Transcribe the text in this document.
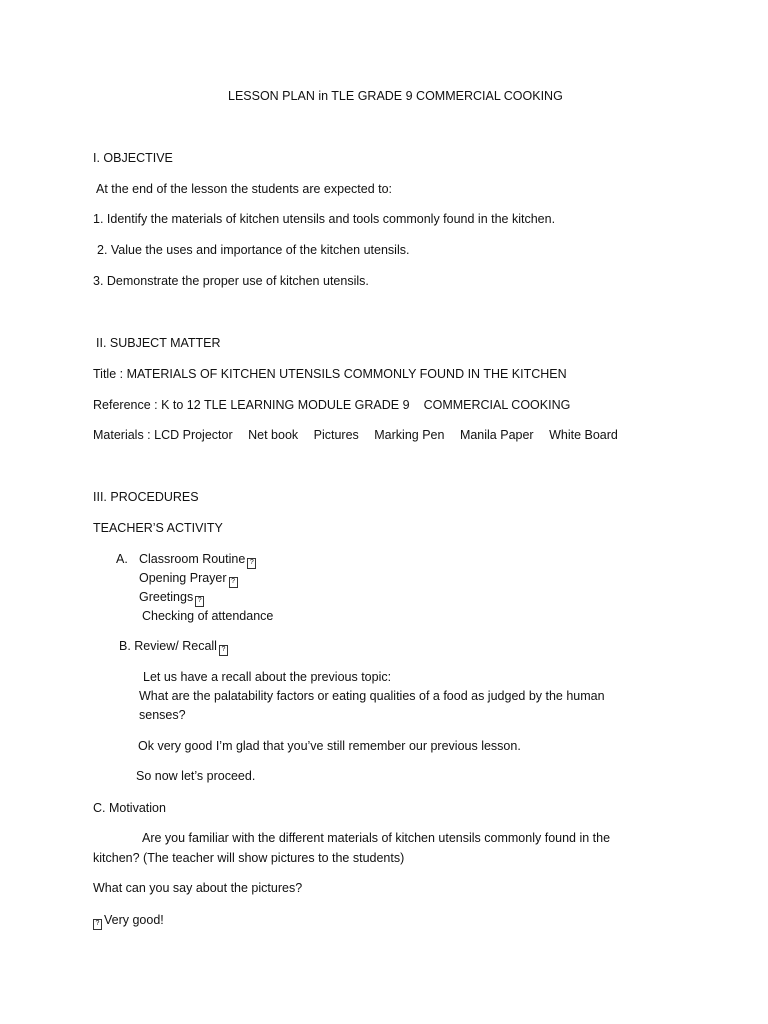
LESSON PLAN in TLE GRADE 9 COMMERCIAL COOKING
I. OBJECTIVE
At the end of the lesson the students are expected to:
1. Identify the materials of kitchen utensils and tools commonly found in the kitchen.
2. Value the uses and importance of the kitchen utensils.
3. Demonstrate the proper use of kitchen utensils.
II. SUBJECT MATTER
Title : MATERIALS OF KITCHEN UTENSILS COMMONLY FOUND IN THE KITCHEN
Reference : K to 12 TLE LEARNING MODULE GRADE 9 COMMERCIAL COOKING
Materials : LCD Projector Net book Pictures Marking Pen Manila Paper White Board
III. PROCEDURES
TEACHER’S ACTIVITY
A. Classroom Routine ?
Opening Prayer ?
Greetings ?
Checking of attendance
B. Review/ Recall ?
Let us have a recall about the previous topic:
What are the palatability factors or eating qualities of a food as judged by the human
senses?
Ok very good I’m glad that you’ve still remember our previous lesson.
So now let’s proceed.
C. Motivation
Are you familiar with the different materials of kitchen utensils commonly found in the
kitchen? (The teacher will show pictures to the students)
What can you say about the pictures?
? Very good!
